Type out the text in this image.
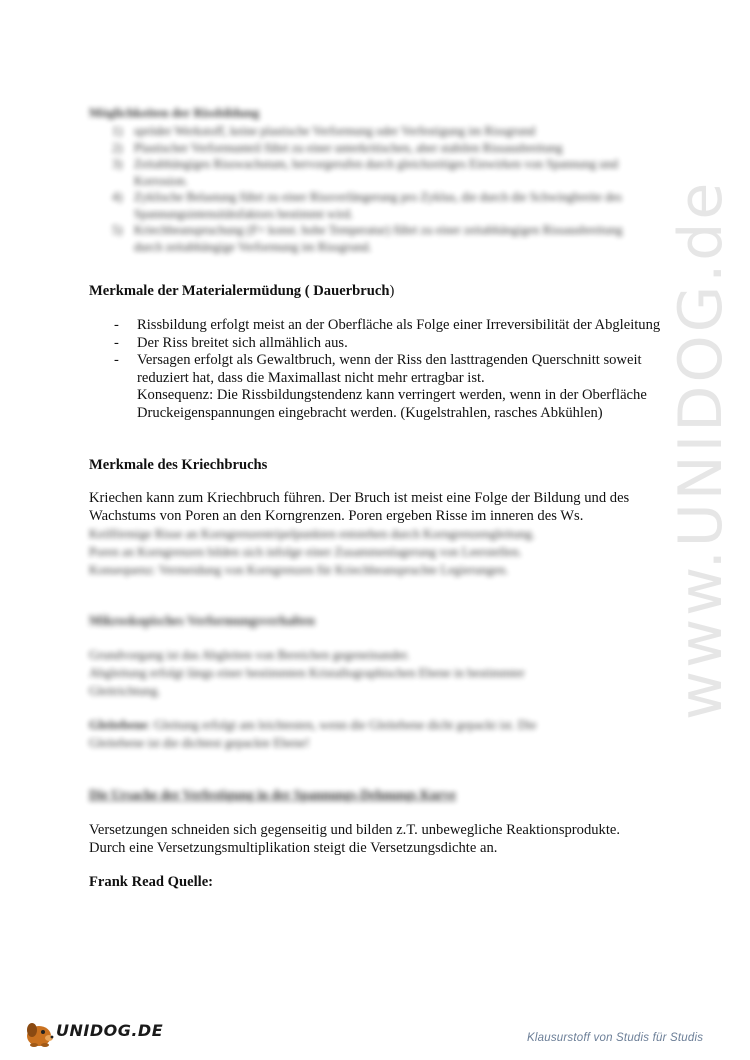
www.UNIDOG.de
Möglichkeiten der Rissbildung
1) spröder Werkstoff, keine plastische Verformung oder Verfestigung im Rissgrund
2) Plastischer Verformunteil führt zu einer unterkritischen, aber stabilen Rissausbreitung
3) Zeitabhängiges Risswachstum, hervorgerufen durch gleichzeitiges Einwirken von Spannung und Korrosion.
4) Zyklische Belastung führt zu einer Rissverlängerung pro Zyklus, die durch die Schwingbreite des Spannungsintensitätsfaktors bestimmt wird.
5) Kriechbeanspruchung (F= konst. hohe Temperatur) führt zu einer zeitabhängigen Rissausbreitung durch zeitabhängige Verformung im Rissgrund.
Merkmale der Materialermüdung ( Dauerbruch)
- Rissbildung erfolgt meist an der Oberfläche als Folge einer Irreversibilität der Abgleitung
- Der Riss breitet sich allmählich aus.
- Versagen erfolgt als Gewaltbruch, wenn der Riss den lasttragenden Querschnitt soweit
reduziert hat, dass die Maximallast nicht mehr ertragbar ist.
Konsequenz: Die Rissbildungstendenz kann verringert werden, wenn in der Oberfläche
Druckeigenspannungen eingebracht werden. (Kugelstrahlen, rasches Abkühlen)
Merkmale des Kriechbruchs
Kriechen kann zum Kriechbruch führen. Der Bruch ist meist eine Folge der Bildung und des
Wachstums von Poren an den Korngrenzen. Poren ergeben Risse im inneren des Ws.
Keilförmige Risse an Korngrenzentripelpunkten entstehen durch Korngrenzengleitung.
Poren an Korngrenzen bilden sich infolge einer Zusammenlagerung von Leerstellen.
Konsequenz: Vermeidung von Korngrenzen für Kriechbeanspruchte Legierungen.
Mikroskopisches Verformungsverhalten
Grundvorgang ist das Abgleiten von Bereichen gegeneinander.
Abgleitung erfolgt längs einer bestimmten Kristallographischen Ebene in bestimmter
Gleitrichtung.
Gleitebene: Gleitung erfolgt am leichtesten, wenn die Gleitebene dicht gepackt ist. Die
Gleitebene ist die dichtest gepackte Ebene!
Die Ursache der Verfestigung in der Spannungs-Dehnungs Kurve
Versetzungen schneiden sich gegenseitig und bilden z.T. unbewegliche Reaktionsprodukte.
Durch eine Versetzungsmultiplikation steigt die Versetzungsdichte an.
Frank Read Quelle:
UNIDOG.DE	Klausurstoff von Studis für Studis
